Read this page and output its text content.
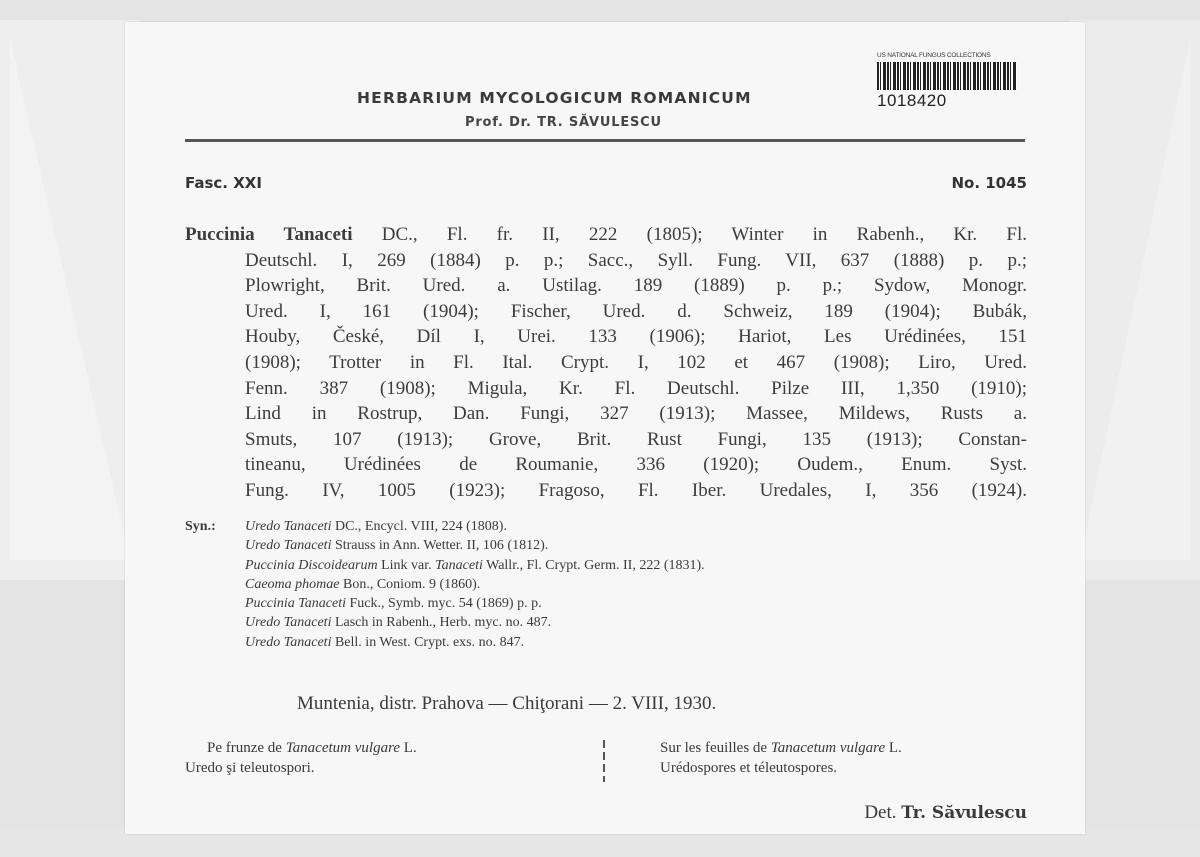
US NATIONAL FUNGUS COLLECTIONS
1018420
HERBARIUM MYCOLOGICUM ROMANICUM
Prof. Dr. TR. SĂVULESCU
Fasc. XXI	No. 1045
Puccinia Tanaceti DC., Fl. fr. II, 222 (1805); Winter in Rabenh., Kr. Fl.
Deutschl. I, 269 (1884) p. p.; Sacc., Syll. Fung. VII, 637 (1888) p. p.;
Plowright, Brit. Ured. a. Ustilag. 189 (1889) p. p.; Sydow, Monogr.
Ured. I, 161 (1904); Fischer, Ured. d. Schweiz, 189 (1904); Bubák,
Houby, České, Díl I, Urei. 133 (1906); Hariot, Les Urédinées, 151
(1908); Trotter in Fl. Ital. Crypt. I, 102 et 467 (1908); Liro, Ured.
Fenn. 387 (1908); Migula, Kr. Fl. Deutschl. Pilze III, 1,350 (1910);
Lind in Rostrup, Dan. Fungi, 327 (1913); Massee, Mildews, Rusts a.
Smuts, 107 (1913); Grove, Brit. Rust Fungi, 135 (1913); Constan-
tineanu, Urédinées de Roumanie, 336 (1920); Oudem., Enum. Syst.
Fung. IV, 1005 (1923); Fragoso, Fl. Iber. Uredales, I, 356 (1924).
Syn.: Uredo Tanaceti DC., Encycl. VIII, 224 (1808).
Uredo Tanaceti Strauss in Ann. Wetter. II, 106 (1812).
Puccinia Discoidearum Link var. Tanaceti Wallr., Fl. Crypt. Germ. II, 222 (1831).
Caeoma phomae Bon., Coniom. 9 (1860).
Puccinia Tanaceti Fuck., Symb. myc. 54 (1869) p. p.
Uredo Tanaceti Lasch in Rabenh., Herb. myc. no. 487.
Uredo Tanaceti Bell. in West. Crypt. exs. no. 847.
Muntenia, distr. Prahova — Chiţorani — 2. VIII, 1930.
Pe frunze de Tanacetum vulgare L.
Uredo şi teleutospori.
Sur les feuilles de Tanacetum vulgare L.
Urédospores et téleutospores.
Det. Tr. Săvulescu
